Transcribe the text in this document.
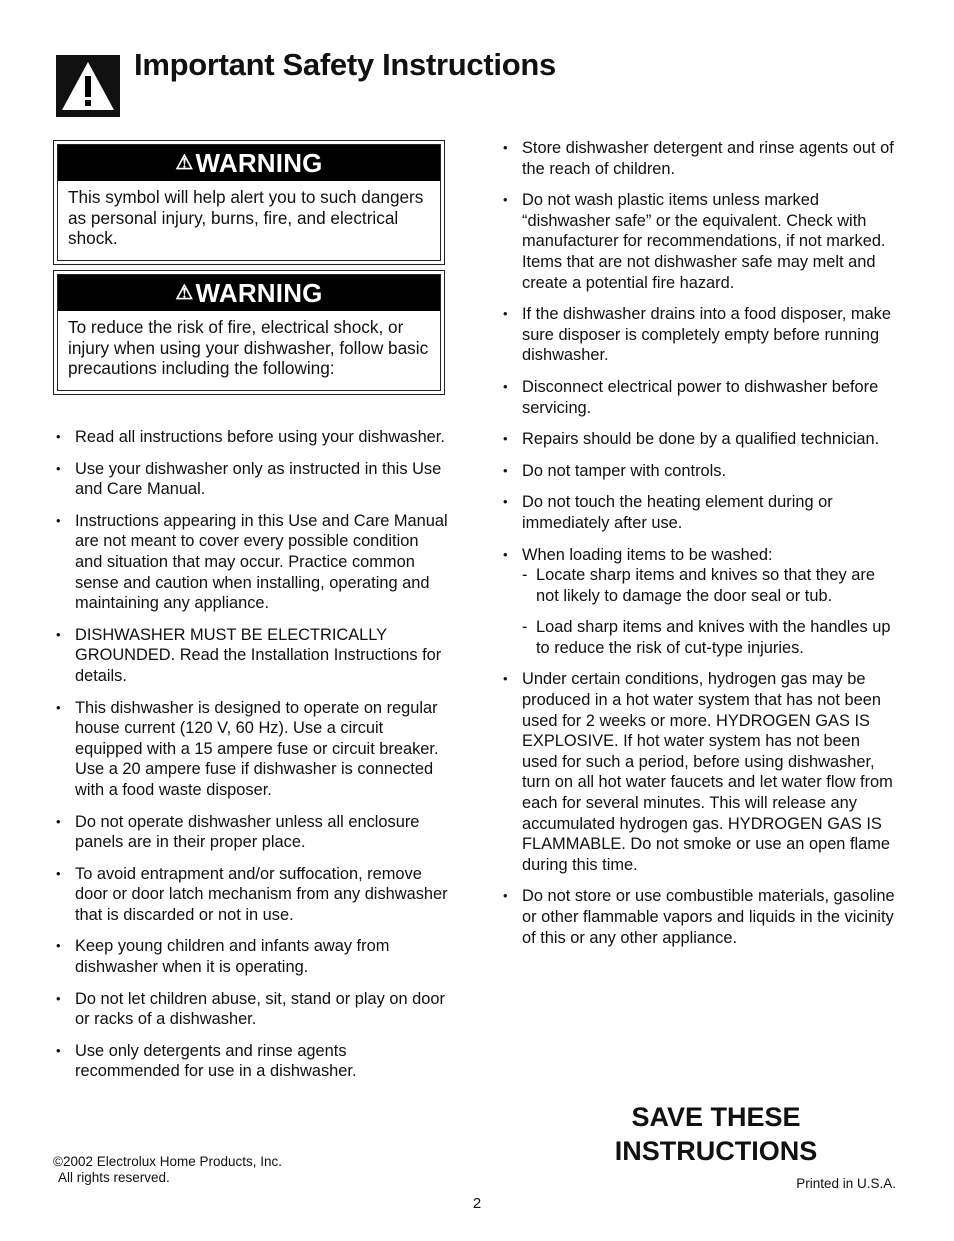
Important Safety Instructions
⚠ WARNING
This symbol will help alert you to such dangers as personal injury, burns, fire, and electrical shock.
⚠ WARNING
To reduce the risk of fire, electrical shock, or injury when using your dishwasher, follow basic precautions including the following:
• Read all instructions before using your dishwasher.
• Use your dishwasher only as instructed in this Use and Care Manual.
• Instructions appearing in this Use and Care Manual are not meant to cover every possible condition and situation that may occur. Practice common sense and caution when installing, operating and maintaining any appliance.
• DISHWASHER MUST BE ELECTRICALLY GROUNDED. Read the Installation Instructions for details.
• This dishwasher is designed to operate on regular house current (120 V, 60 Hz). Use a circuit equipped with a 15 ampere fuse or circuit breaker. Use a 20 ampere fuse if dishwasher is connected with a food waste disposer.
• Do not operate dishwasher unless all enclosure panels are in their proper place.
• To avoid entrapment and/or suffocation, remove door or door latch mechanism from any dishwasher that is discarded or not in use.
• Keep young children and infants away from dishwasher when it is operating.
• Do not let children abuse, sit, stand or play on door or racks of a dishwasher.
• Use only detergents and rinse agents recommended for use in a dishwasher.
• Store dishwasher detergent and rinse agents out of the reach of children.
• Do not wash plastic items unless marked “dishwasher safe” or the equivalent. Check with manufacturer for recommendations, if not marked. Items that are not dishwasher safe may melt and create a potential fire hazard.
• If the dishwasher drains into a food disposer, make sure disposer is completely empty before running dishwasher.
• Disconnect electrical power to dishwasher before servicing.
• Repairs should be done by a qualified technician.
• Do not tamper with controls.
• Do not touch the heating element during or immediately after use.
• When loading items to be washed:
- Locate sharp items and knives so that they are not likely to damage the door seal or tub.
- Load sharp items and knives with the handles up to reduce the risk of cut-type injuries.
• Under certain conditions, hydrogen gas may be produced in a hot water system that has not been used for 2 weeks or more. HYDROGEN GAS IS EXPLOSIVE. If hot water system has not been used for such a period, before using dishwasher, turn on all hot water faucets and let water flow from each for several minutes. This will release any accumulated hydrogen gas. HYDROGEN GAS IS FLAMMABLE. Do not smoke or use an open flame during this time.
• Do not store or use combustible materials, gasoline or other flammable vapors and liquids in the vicinity of this or any other appliance.
SAVE THESE
INSTRUCTIONS
©2002 Electrolux Home Products, Inc.
All rights reserved.	Printed in U.S.A.
2
